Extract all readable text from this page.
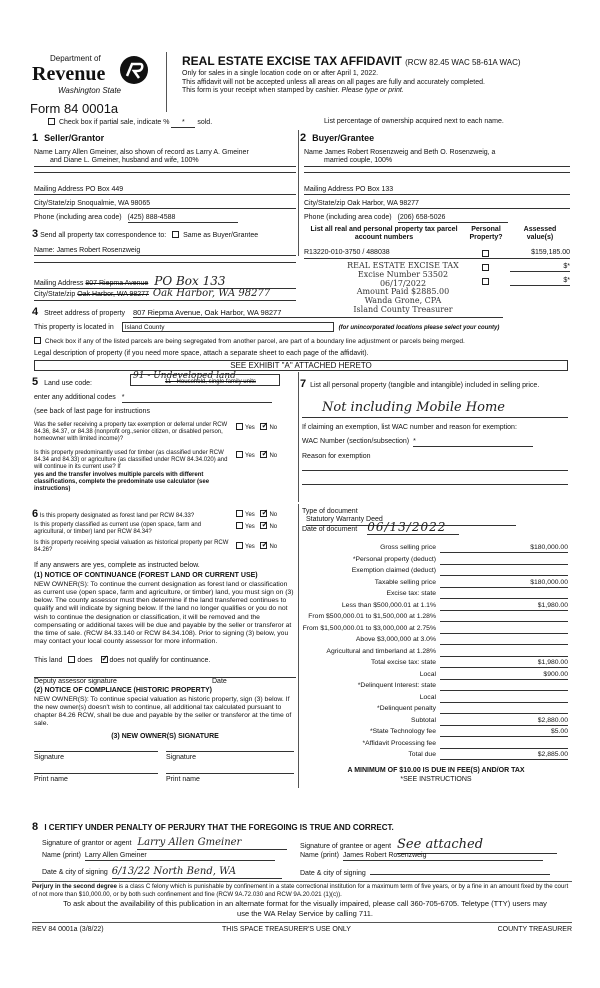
Department of
Revenue
Washington State
Form 84 0001a
REAL ESTATE EXCISE TAX AFFIDAVIT (RCW 82.45 WAC 58-61A WAC)
Only for sales in a single location code on or after April 1, 2022.
This affidavit will not be accepted unless all areas on all pages are fully and accurately completed.
This form is your receipt when stamped by cashier. Please type or print.
Check box if partial sale, indicate % * sold.	List percentage of ownership acquired next to each name.
1 Seller/Grantor
Name Larry Allen Gmeiner, also shown of record as Larry A. Gmeiner
and Diane L. Gmeiner, husband and wife, 100%
2 Buyer/Grantee
Name James Robert Rosenzweig and Beth O. Rosenzweig, a
married couple, 100%
Mailing Address PO Box 449
City/State/zip Snoqualmie, WA 98065
Phone (including area code) (425) 888-4588
Mailing Address PO Box 133
City/State/zip Oak Harbor, WA 98277
Phone (including area code) (206) 658-5026
3 Send all property tax correspondence to: Same as Buyer/Grantee
Name: James Robert Rosenzweig
Mailing Address 807 Riepma Avenue PO Box 133
City/State/zip Oak Harbor, WA 98277 Oak Harbor, WA 98277
List all real and personal property tax parcel account numbers
Personal Property?
Assessed value(s)
R13220-010-3750 / 488038	$159,185.00
$*
$*
REAL ESTATE EXCISE TAX
Excise Number 53502
06/17/2022
Amount Paid $2885.00
Wanda Grone, CPA
Island County Treasurer
4 Street address of property 807 Riepma Avenue, Oak Harbor, WA 98277
This property is located in Island County	(for unincorporated locations please select your county)
Check box if any of the listed parcels are being segregated from another parcel, are part of a boundary line adjustment or parcels being merged.
Legal description of property (if you need more space, attach a separate sheet to each page of the affidavit).
SEE EXHIBIT "A" ATTACHED HERETO
5 Land use code:
91 - Undeveloped land
11 - Household, single family units
enter any additional codes *
(see back of last page for instructions
Was the seller receiving a property tax exemption or deferral under RCW 84.36, 84.37, or 84.38 (nonprofit org.,senior citizen, or disabled person, homeowner with limited income)?
Yes ✓ No
Is this property predominantly used for timber (as classified under RCW 84.34 and 84.33) or agriculture (as classified under RCW 84.34.020) and will continue in its current use? If
yes and the transfer involves multiple parcels with different classifications, complete the predominate use calculator (see instructions)
Yes ✓ No
7 List all personal property (tangible and intangible) included in selling price.
Not including Mobile Home
If claiming an exemption, list WAC number and reason for exemption:
WAC Number (section/subsection) *
Reason for exemption
6 Is this property designated as forest land per RCW 84.33?	Yes ✓ No
Is this property classified as current use (open space, farm and agricultural, or timber) land per RCW 84.34?
Yes ✓ No
Is this property receiving special valuation as historical property per RCW 84.26?
Yes ✓ No
If any answers are yes, complete as instructed below.
(1) NOTICE OF CONTINUANCE (FOREST LAND OR CURRENT USE)
NEW OWNER(S): To continue the current designation as forest land or classification as current use (open space, farm and agriculture, or timber) land, you must sign on (3) below. The county assessor must then determine if the land transferred continues to qualify and will indicate by signing below. If the land no longer qualifies or you do not wish to continue the designation or classification, it will be removed and the compensating or additional taxes will be due and payable by the seller or transferor at the time of sale. (RCW 84.33.140 or RCW 84.34.108). Prior to signing (3) below, you may contact your local county assessor for more information.
This land does ✓ does not qualify for continuance.
Deputy assessor signature	Date
(2) NOTICE OF COMPLIANCE (HISTORIC PROPERTY)
NEW OWNER(S): To continue special valuation as historic property, sign (3) below. If the new owner(s) doesn't wish to continue, all additional tax calculated pursuant to chapter 84.26 RCW, shall be due and payable by the seller or transferor at the time of sale.
(3) NEW OWNER(S) SIGNATURE
Signature	Signature
Print name	Print name
Type of document Statutory Warranty Deed
Date of document 06/13/2022
Gross selling price	$180,000.00
*Personal property (deduct)
Exemption claimed (deduct)
Taxable selling price	$180,000.00
Excise tax: state
Less than $500,000.01 at 1.1%	$1,980.00
From $500,000.01 to $1,500,000 at 1.28%
From $1,500,000.01 to $3,000,000 at 2.75%
Above $3,000,000 at 3.0%
Agricultural and timberland at 1.28%
Total excise tax: state	$1,980.00
Local	$900.00
*Delinquent Interest: state
Local
*Delinquent penalty
Subtotal	$2,880.00
*State Technology fee	$5.00
*Affidavit Processing fee
Total due	$2,885.00
A MINIMUM OF $10.00 IS DUE IN FEE(S) AND/OR TAX
*SEE INSTRUCTIONS
8 I CERTIFY UNDER PENALTY OF PERJURY THAT THE FOREGOING IS TRUE AND CORRECT.
Signature of grantor or agent Larry Allen Gmeiner	Signature of grantee or agent See attached
Name (print) Larry Allen Gmeiner	Name (print) James Robert Rosenzweig
Date & city of signing 6/13/22 North Bend, WA	Date & city of signing
Perjury in the second degree is a class C felony which is punishable by confinement in a state correctional institution for a maximum term of five years, or by a fine in an amount fixed by the court of not more than $10,000.00, or by both such confinement and fine (RCW 9A.72.030 and RCW 9A.20.021 (1)(c)).
To ask about the availability of this publication in an alternate format for the visually impaired, please call 360-705-6705. Teletype (TTY) users may use the WA Relay Service by calling 711.
REV 84 0001a (3/8/22)	THIS SPACE TREASURER'S USE ONLY	COUNTY TREASURER
